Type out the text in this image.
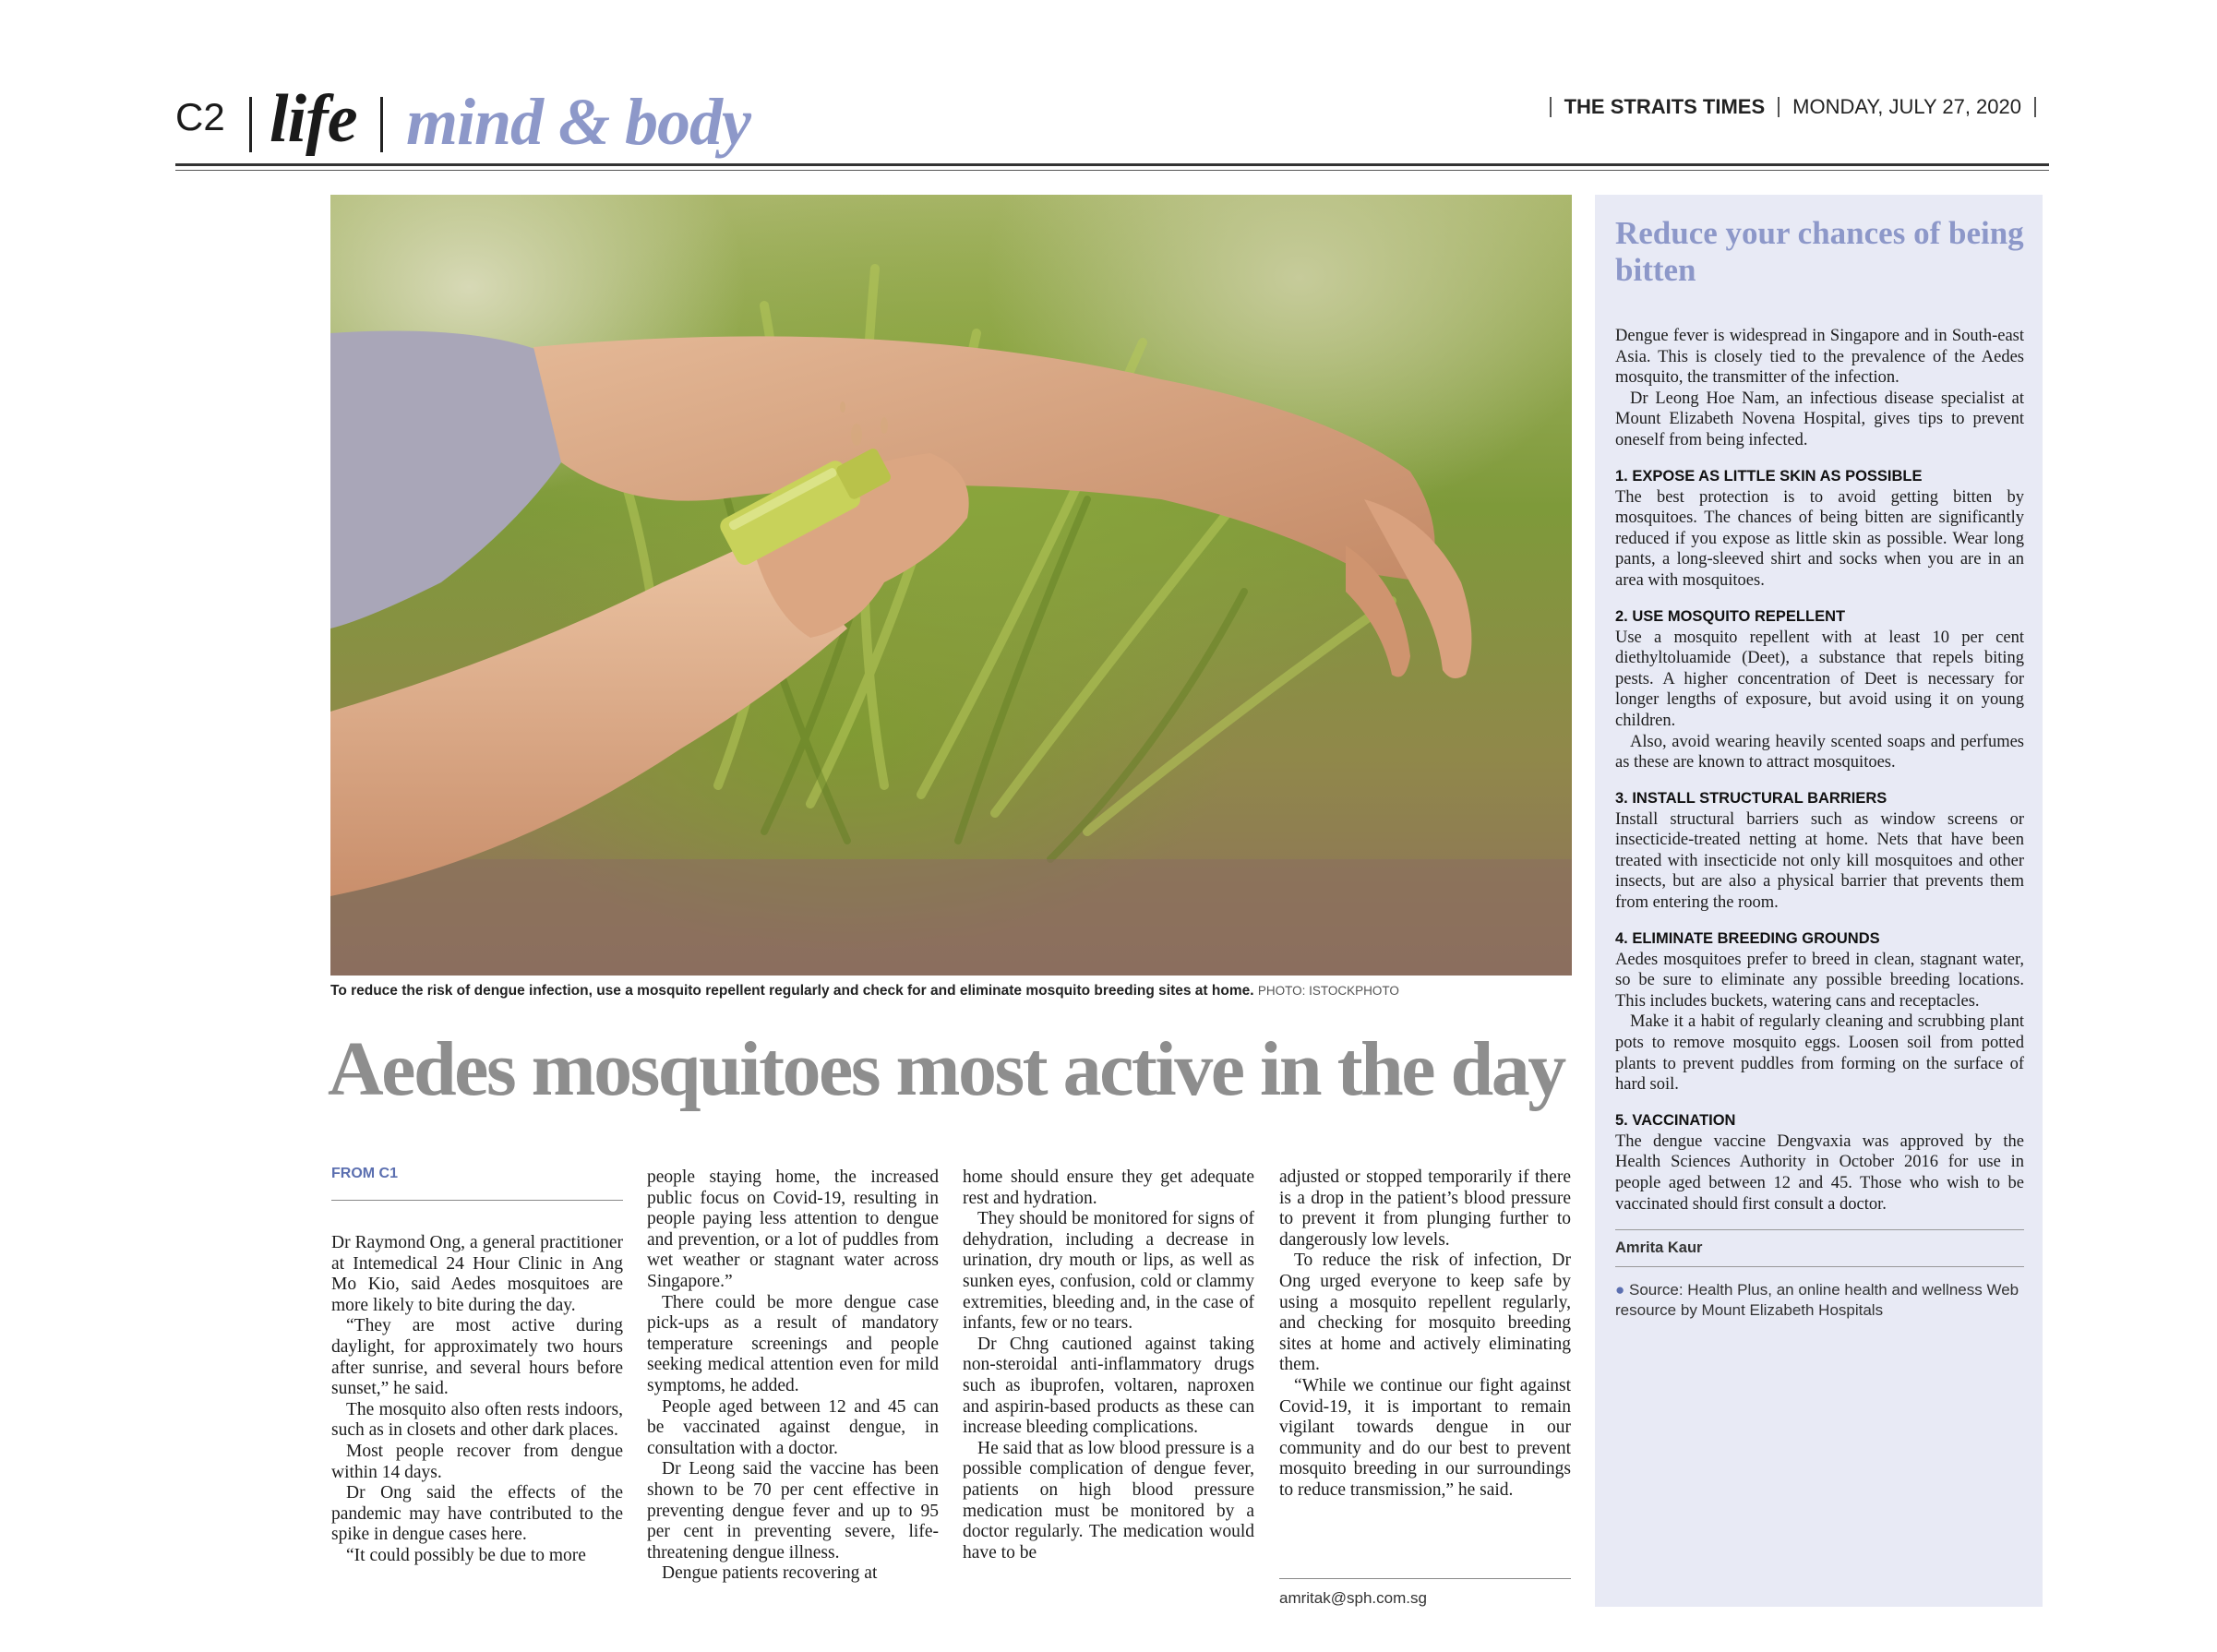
C2 life mind & body	THE STRAITS TIMES MONDAY, JULY 27, 2020
To reduce the risk of dengue infection, use a mosquito repellent regularly and check for and eliminate mosquito breeding sites at home. PHOTO: ISTOCKPHOTO
Aedes mosquitoes most active in the day
FROM C1

Dr Raymond Ong, a general practitioner at Intemedical 24 Hour Clinic in Ang Mo Kio, said Aedes mosquitoes are more likely to bite during the day.

“They are most active during daylight, for approximately two hours after sunrise, and several hours before sunset,” he said.

The mosquito also often rests indoors, such as in closets and other dark places.

Most people recover from dengue within 14 days.

Dr Ong said the effects of the pandemic may have contributed to the spike in dengue cases here.

“It could possibly be due to more

people staying home, the increased public focus on Covid-19, resulting in people paying less attention to dengue and prevention, or a lot of puddles from wet weather or stagnant water across Singapore.”

There could be more dengue case pick-ups as a result of mandatory temperature screenings and people seeking medical attention even for mild symptoms, he added.

People aged between 12 and 45 can be vaccinated against dengue, in consultation with a doctor.

Dr Leong said the vaccine has been shown to be 70 per cent effective in preventing dengue fever and up to 95 per cent in preventing severe, life-threatening dengue illness.

Dengue patients recovering at

home should ensure they get adequate rest and hydration.

They should be monitored for signs of dehydration, including a decrease in urination, dry mouth or lips, as well as sunken eyes, confusion, cold or clammy extremities, bleeding and, in the case of infants, few or no tears.

Dr Chng cautioned against taking non-steroidal anti-inflammatory drugs such as ibuprofen, voltaren, naproxen and aspirin-based products as these can increase bleeding complications.

He said that as low blood pressure is a possible complication of dengue fever, patients on high blood pressure medication must be monitored by a doctor regularly. The medication would have to be

adjusted or stopped temporarily if there is a drop in the patient’s blood pressure to prevent it from plunging further to dangerously low levels.

To reduce the risk of infection, Dr Ong urged everyone to keep safe by using a mosquito repellent regularly, and checking for mosquito breeding sites at home and actively eliminating them.

“While we continue our fight against Covid-19, it is important to remain vigilant towards dengue in our community and do our best to prevent mosquito breeding in our surroundings to reduce transmission,” he said.

amritak@sph.com.sg
Reduce your chances of being bitten

Dengue fever is widespread in Singapore and in South-east Asia. This is closely tied to the prevalence of the Aedes mosquito, the transmitter of the infection.

Dr Leong Hoe Nam, an infectious disease specialist at Mount Elizabeth Novena Hospital, gives tips to prevent oneself from being infected.

1. EXPOSE AS LITTLE SKIN AS POSSIBLE

The best protection is to avoid getting bitten by mosquitoes. The chances of being bitten are significantly reduced if you expose as little skin as possible. Wear long pants, a long-sleeved shirt and socks when you are in an area with mosquitoes.

2. USE MOSQUITO REPELLENT

Use a mosquito repellent with at least 10 per cent diethyltoluamide (Deet), a substance that repels biting pests. A higher concentration of Deet is necessary for longer lengths of exposure, but avoid using it on young children.

Also, avoid wearing heavily scented soaps and perfumes as these are known to attract mosquitoes.

3. INSTALL STRUCTURAL BARRIERS

Install structural barriers such as window screens or insecticide-treated netting at home. Nets that have been treated with insecticide not only kill mosquitoes and other insects, but are also a physical barrier that prevents them from entering the room.

4. ELIMINATE BREEDING GROUNDS

Aedes mosquitoes prefer to breed in clean, stagnant water, so be sure to eliminate any possible breeding locations. This includes buckets, watering cans and receptacles.

Make it a habit of regularly cleaning and scrubbing plant pots to remove mosquito eggs. Loosen soil from potted plants to prevent puddles from forming on the surface of hard soil.

5. VACCINATION

The dengue vaccine Dengvaxia was approved by the Health Sciences Authority in October 2016 for use in people aged between 12 and 45. Those who wish to be vaccinated should first consult a doctor.

Amrita Kaur
● Source: Health Plus, an online health and wellness Web resource by Mount Elizabeth Hospitals
